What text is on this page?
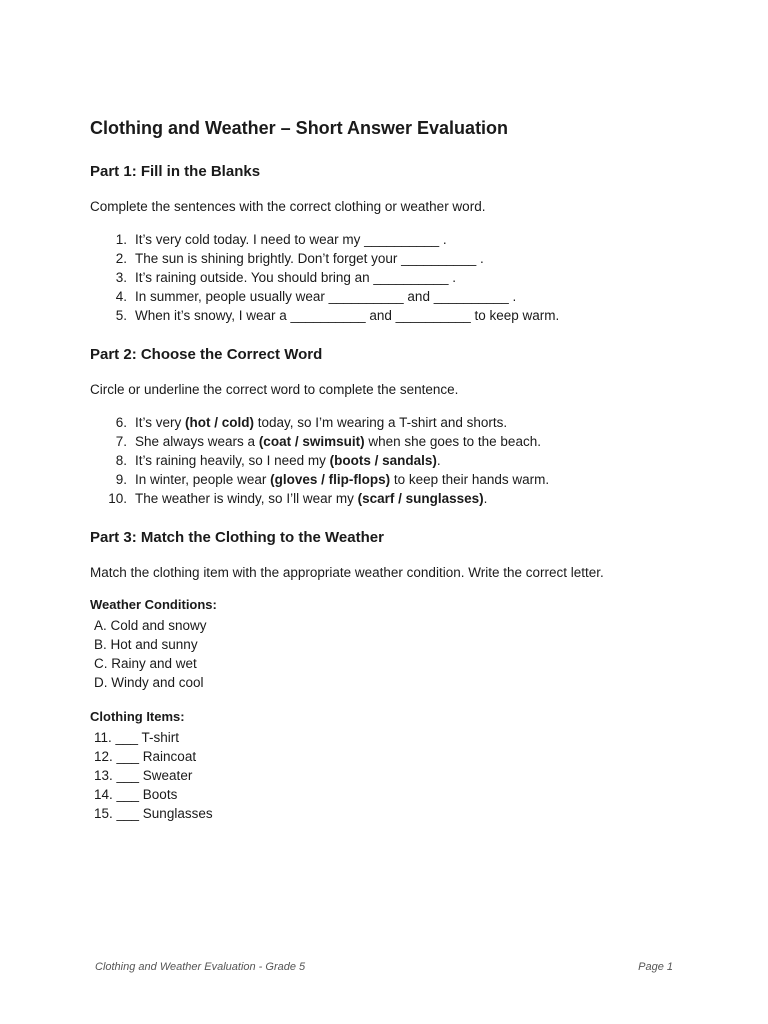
Clothing and Weather – Short Answer Evaluation
Part 1: Fill in the Blanks

Complete the sentences with the correct clothing or weather word.

1. It’s very cold today. I need to wear my __________ .
2. The sun is shining brightly. Don’t forget your __________ .
3. It’s raining outside. You should bring an __________ .
4. In summer, people usually wear __________ and __________ .
5. When it’s snowy, I wear a __________ and __________ to keep warm.
Part 2: Choose the Correct Word

Circle or underline the correct word to complete the sentence.

6. It’s very (hot / cold) today, so I’m wearing a T-shirt and shorts.
7. She always wears a (coat / swimsuit) when she goes to the beach.
8. It’s raining heavily, so I need my (boots / sandals).
9. In winter, people wear (gloves / flip-flops) to keep their hands warm.
10. The weather is windy, so I’ll wear my (scarf / sunglasses).
Part 3: Match the Clothing to the Weather

Match the clothing item with the appropriate weather condition. Write the correct letter.

Weather Conditions:
A. Cold and snowy
B. Hot and sunny
C. Rainy and wet
D. Windy and cool
Clothing Items:
11. ___ T-shirt
12. ___ Raincoat
13. ___ Sweater
14. ___ Boots
15. ___ Sunglasses
Clothing and Weather Evaluation - Grade 5	Page 1
